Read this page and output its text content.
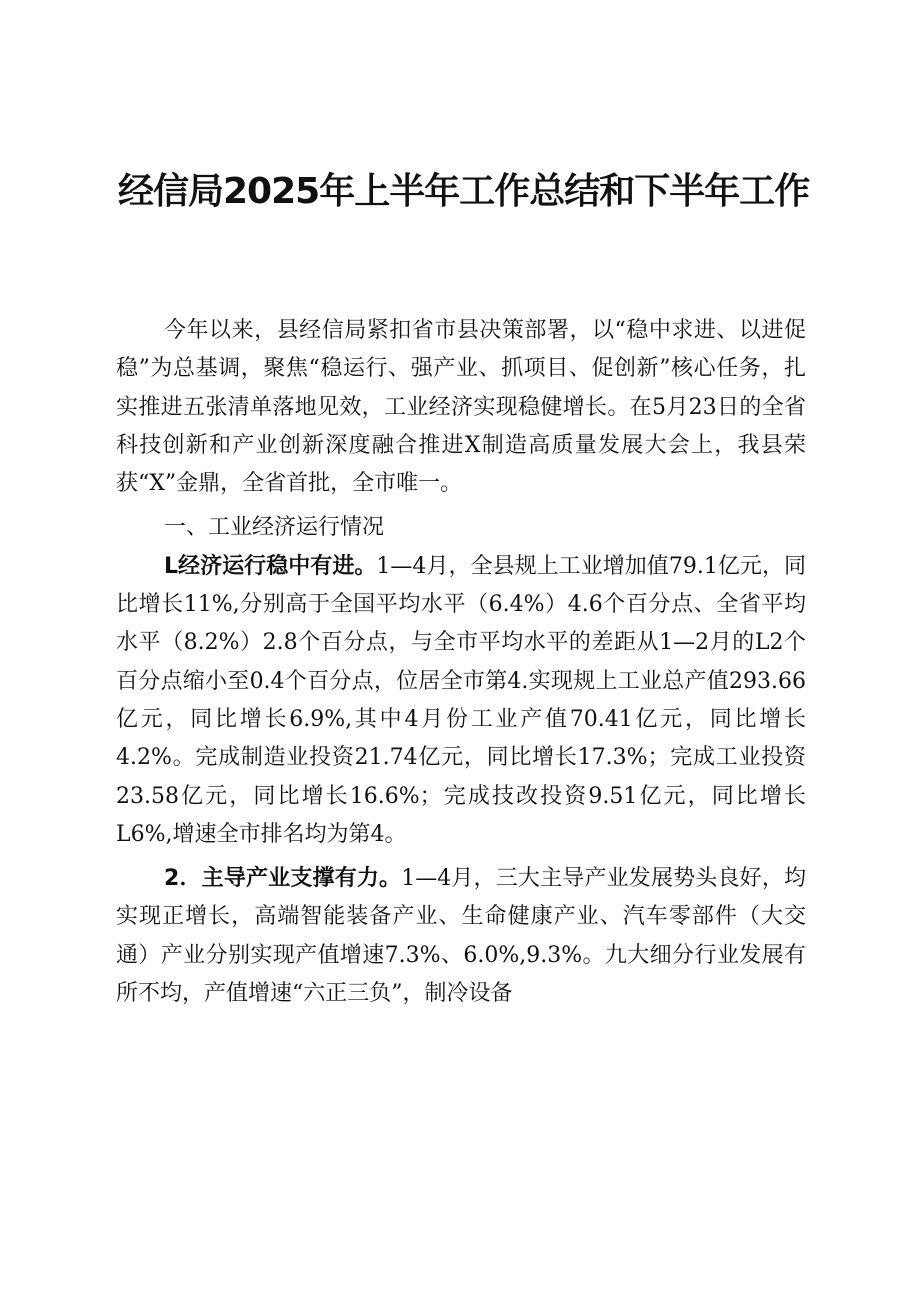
经信局2025年上半年工作总结和下半年工作

今年以来，县经信局紧扣省市县决策部署，以“稳中求进、以进促稳”为总基调，聚焦“稳运行、强产业、抓项目、促创新”核心任务，扎实推进五张清单落地见效，工业经济实现稳健增长。在5月23日的全省科技创新和产业创新深度融合推进X制造高质量发展大会上，我县荣获“X”金鼎，全省首批，全市唯一。

一、工业经济运行情况

L经济运行稳中有进。1—4月，全县规上工业增加值79.1亿元，同比增长11%,分别高于全国平均水平（6.4%）4.6个百分点、全省平均水平（8.2%）2.8个百分点，与全市平均水平的差距从1—2月的L2个百分点缩小至0.4个百分点，位居全市第4.实现规上工业总产值293.66亿元，同比增长6.9%,其中4月份工业产值70.41亿元，同比增长4.2%。完成制造业投资21.74亿元，同比增长17.3%；完成工业投资23.58亿元，同比增长16.6%；完成技改投资9.51亿元，同比增长L6%,增速全市排名均为第4。

2．主导产业支撑有力。1—4月，三大主导产业发展势头良好，均实现正增长，高端智能装备产业、生命健康产业、汽车零部件（大交通）产业分别实现产值增速7.3%、6.0%,9.3%。九大细分行业发展有所不均，产值增速“六正三负”，制冷设备
